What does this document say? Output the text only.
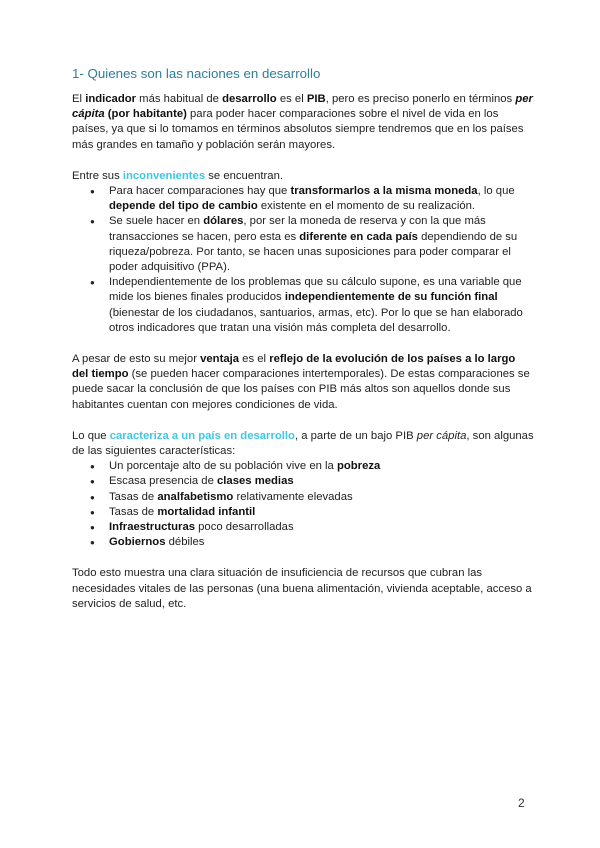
1- Quienes son las naciones en desarrollo

El indicador más habitual de desarrollo es el PIB, pero es preciso ponerlo en términos per cápita (por habitante) para poder hacer comparaciones sobre el nivel de vida en los países, ya que si lo tomamos en términos absolutos siempre tendremos que en los países más grandes en tamaño y población serán mayores.

Entre sus inconvenientes se encuentran.

● Para hacer comparaciones hay que transformarlos a la misma moneda, lo que depende del tipo de cambio existente en el momento de su realización.
● Se suele hacer en dólares, por ser la moneda de reserva y con la que más transacciones se hacen, pero esta es diferente en cada país dependiendo de su riqueza/pobreza. Por tanto, se hacen unas suposiciones para poder comparar el poder adquisitivo (PPA).
● Independientemente de los problemas que su cálculo supone, es una variable que mide los bienes finales producidos independientemente de su función final (bienestar de los ciudadanos, santuarios, armas, etc). Por lo que se han elaborado otros indicadores que tratan una visión más completa del desarrollo.

A pesar de esto su mejor ventaja es el reflejo de la evolución de los países a lo largo del tiempo (se pueden hacer comparaciones intertemporales). De estas comparaciones se puede sacar la conclusión de que los países con PIB más altos son aquellos donde sus habitantes cuentan con mejores condiciones de vida.

Lo que caracteriza a un país en desarrollo, a parte de un bajo PIB per cápita, son algunas de las siguientes características:

● Un porcentaje alto de su población vive en la pobreza
● Escasa presencia de clases medias
● Tasas de analfabetismo relativamente elevadas
● Tasas de mortalidad infantil
● Infraestructuras poco desarrolladas
● Gobiernos débiles

Todo esto muestra una clara situación de insuficiencia de recursos que cubran las necesidades vitales de las personas (una buena alimentación, vivienda aceptable, acceso a servicios de salud, etc.

2
